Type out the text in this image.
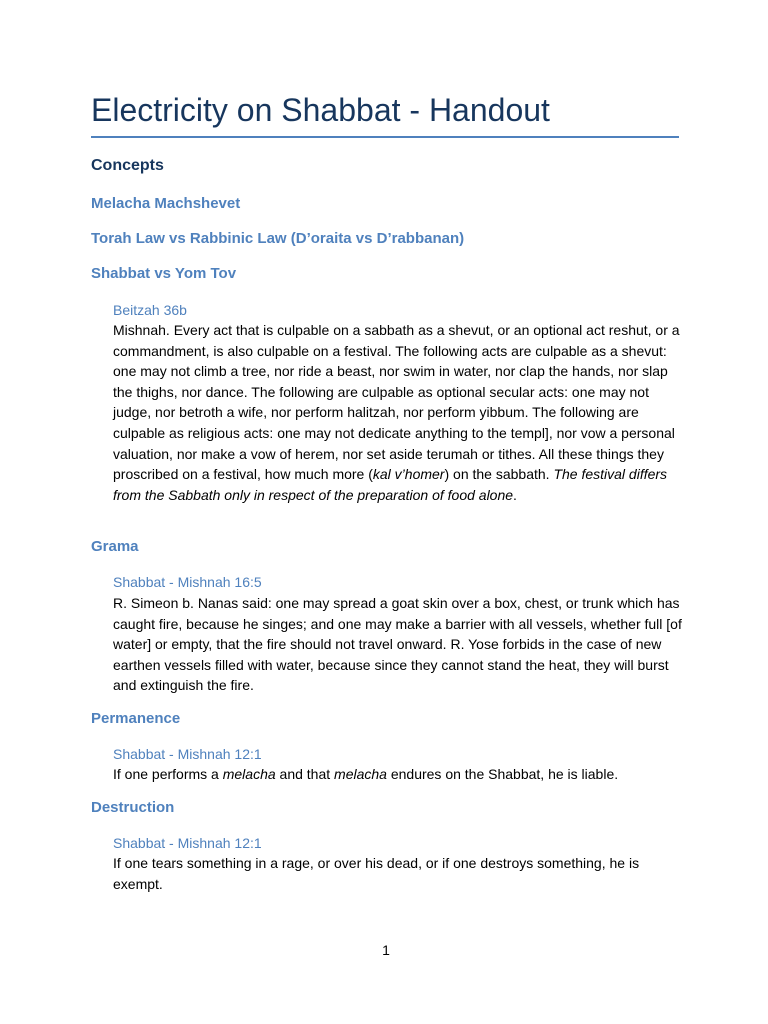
Electricity on Shabbat - Handout
Concepts
Melacha Machshevet
Torah Law vs Rabbinic Law (D’oraita vs D’rabbanan)
Shabbat vs Yom Tov

Beitzah 36b

Mishnah. Every act that is culpable on a sabbath as a shevut, or an optional act reshut, or a commandment, is also culpable on a festival. The following acts are culpable as a shevut: one may not climb a tree, nor ride a beast, nor swim in water, nor clap the hands, nor slap the thighs, nor dance. The following are culpable as optional secular acts: one may not judge, nor betroth a wife, nor perform halitzah, nor perform yibbum. The following are culpable as religious acts: one may not dedicate anything to the templ], nor vow a personal valuation, nor make a vow of herem, nor set aside terumah or tithes. All these things they proscribed on a festival, how much more (kal v’homer) on the sabbath. The festival differs from the Sabbath only in respect of the preparation of food alone.

Grama

Shabbat - Mishnah 16:5

R. Simeon b. Nanas said: one may spread a goat skin over a box, chest, or trunk which has caught fire, because he singes; and one may make a barrier with all vessels, whether full [of water] or empty, that the fire should not travel onward. R. Yose forbids in the case of new earthen vessels filled with water, because since they cannot stand the heat, they will burst and extinguish the fire.

Permanence

Shabbat - Mishnah 12:1

If one performs a melacha and that melacha endures on the Shabbat, he is liable.

Destruction

Shabbat - Mishnah 12:1

If one tears something in a rage, or over his dead, or if one destroys something, he is exempt.

1
